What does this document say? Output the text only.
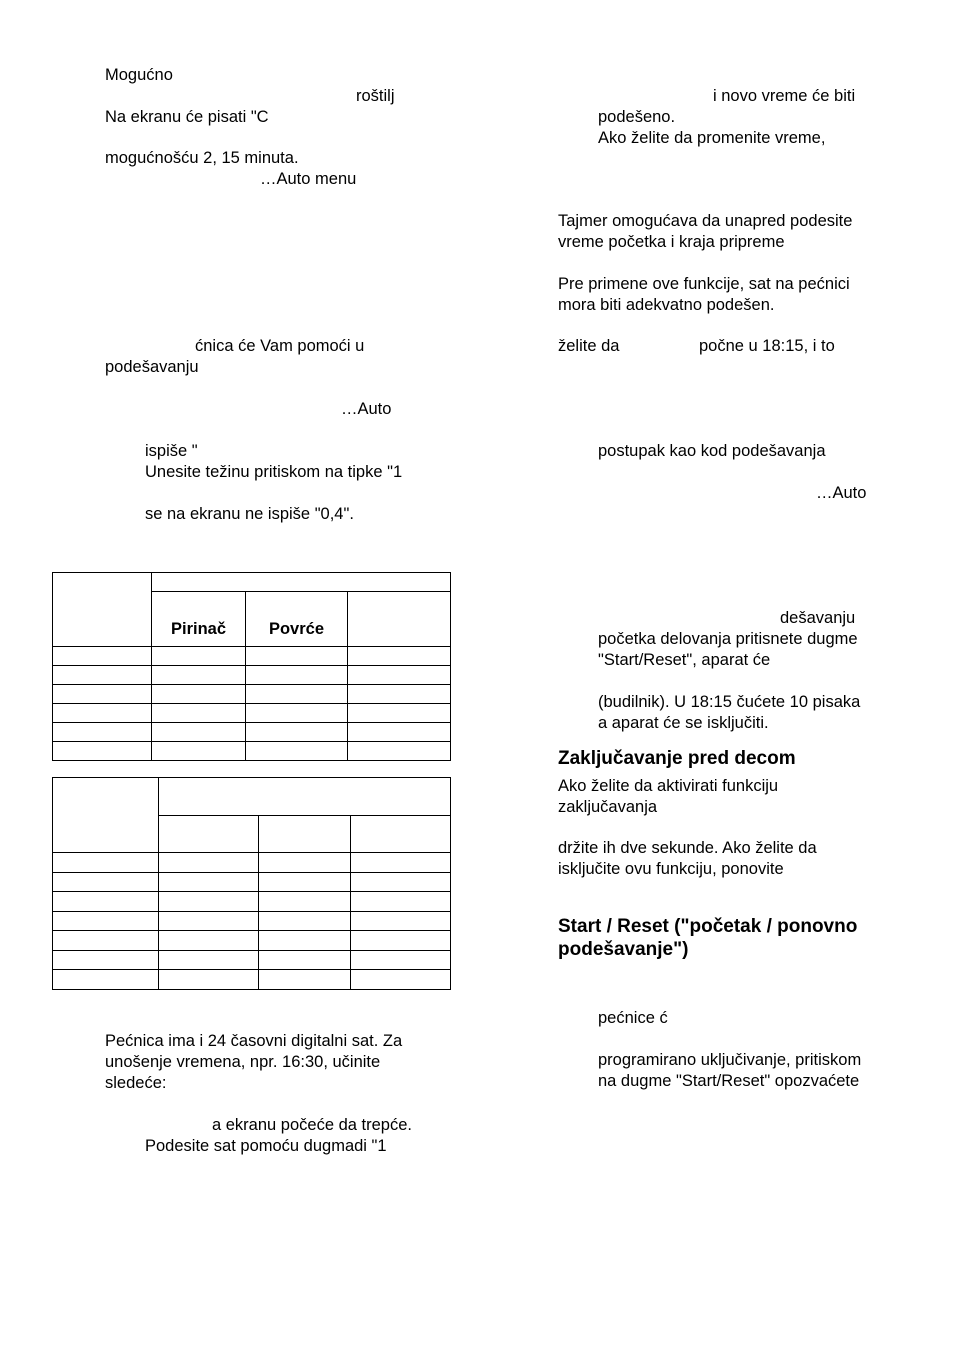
Mogućno
roštilj
Na ekranu će pisati "C
mogućnošću 2, 15 minuta.
…Auto menu
ćnica će Vam pomoći u
podešavanju
…Auto
ispiše "
Unesite težinu pritiskom na tipke "1
se na ekranu ne ispiše "0,4".

	Pirinač	Povrće	

Pećnica ima i 24 časovni digitalni sat. Za
unošenje vremena, npr. 16:30, učinite
sledeće:
a ekranu počeće da trepće.
Podesite sat pomoću dugmadi "1
i novo vreme će biti
podešeno.
Ako želite da promenite vreme,
Tajmer omogućava da unapred podesite
vreme početka i kraja pripreme
Pre primene ove funkcije, sat na pećnici
mora biti adekvatno podešen.
želite da	počne u 18:15, i to
postupak kao kod podešavanja
…Auto
dešavanju
početka delovanja pritisnete dugme
"Start/Reset", aparat će
(budilnik). U 18:15 čućete 10 pisaka
a aparat će se isključiti.
Zaključavanje pred decom
Ako želite da aktivirati funkciju
zaključavanja
držite ih dve sekunde. Ako želite da
isključite ovu funkciju, ponovite
Start / Reset ("početak / ponovno
podešavanje")
pećnice ć
programirano uključivanje, pritiskom
na dugme "Start/Reset" opozvaćete
